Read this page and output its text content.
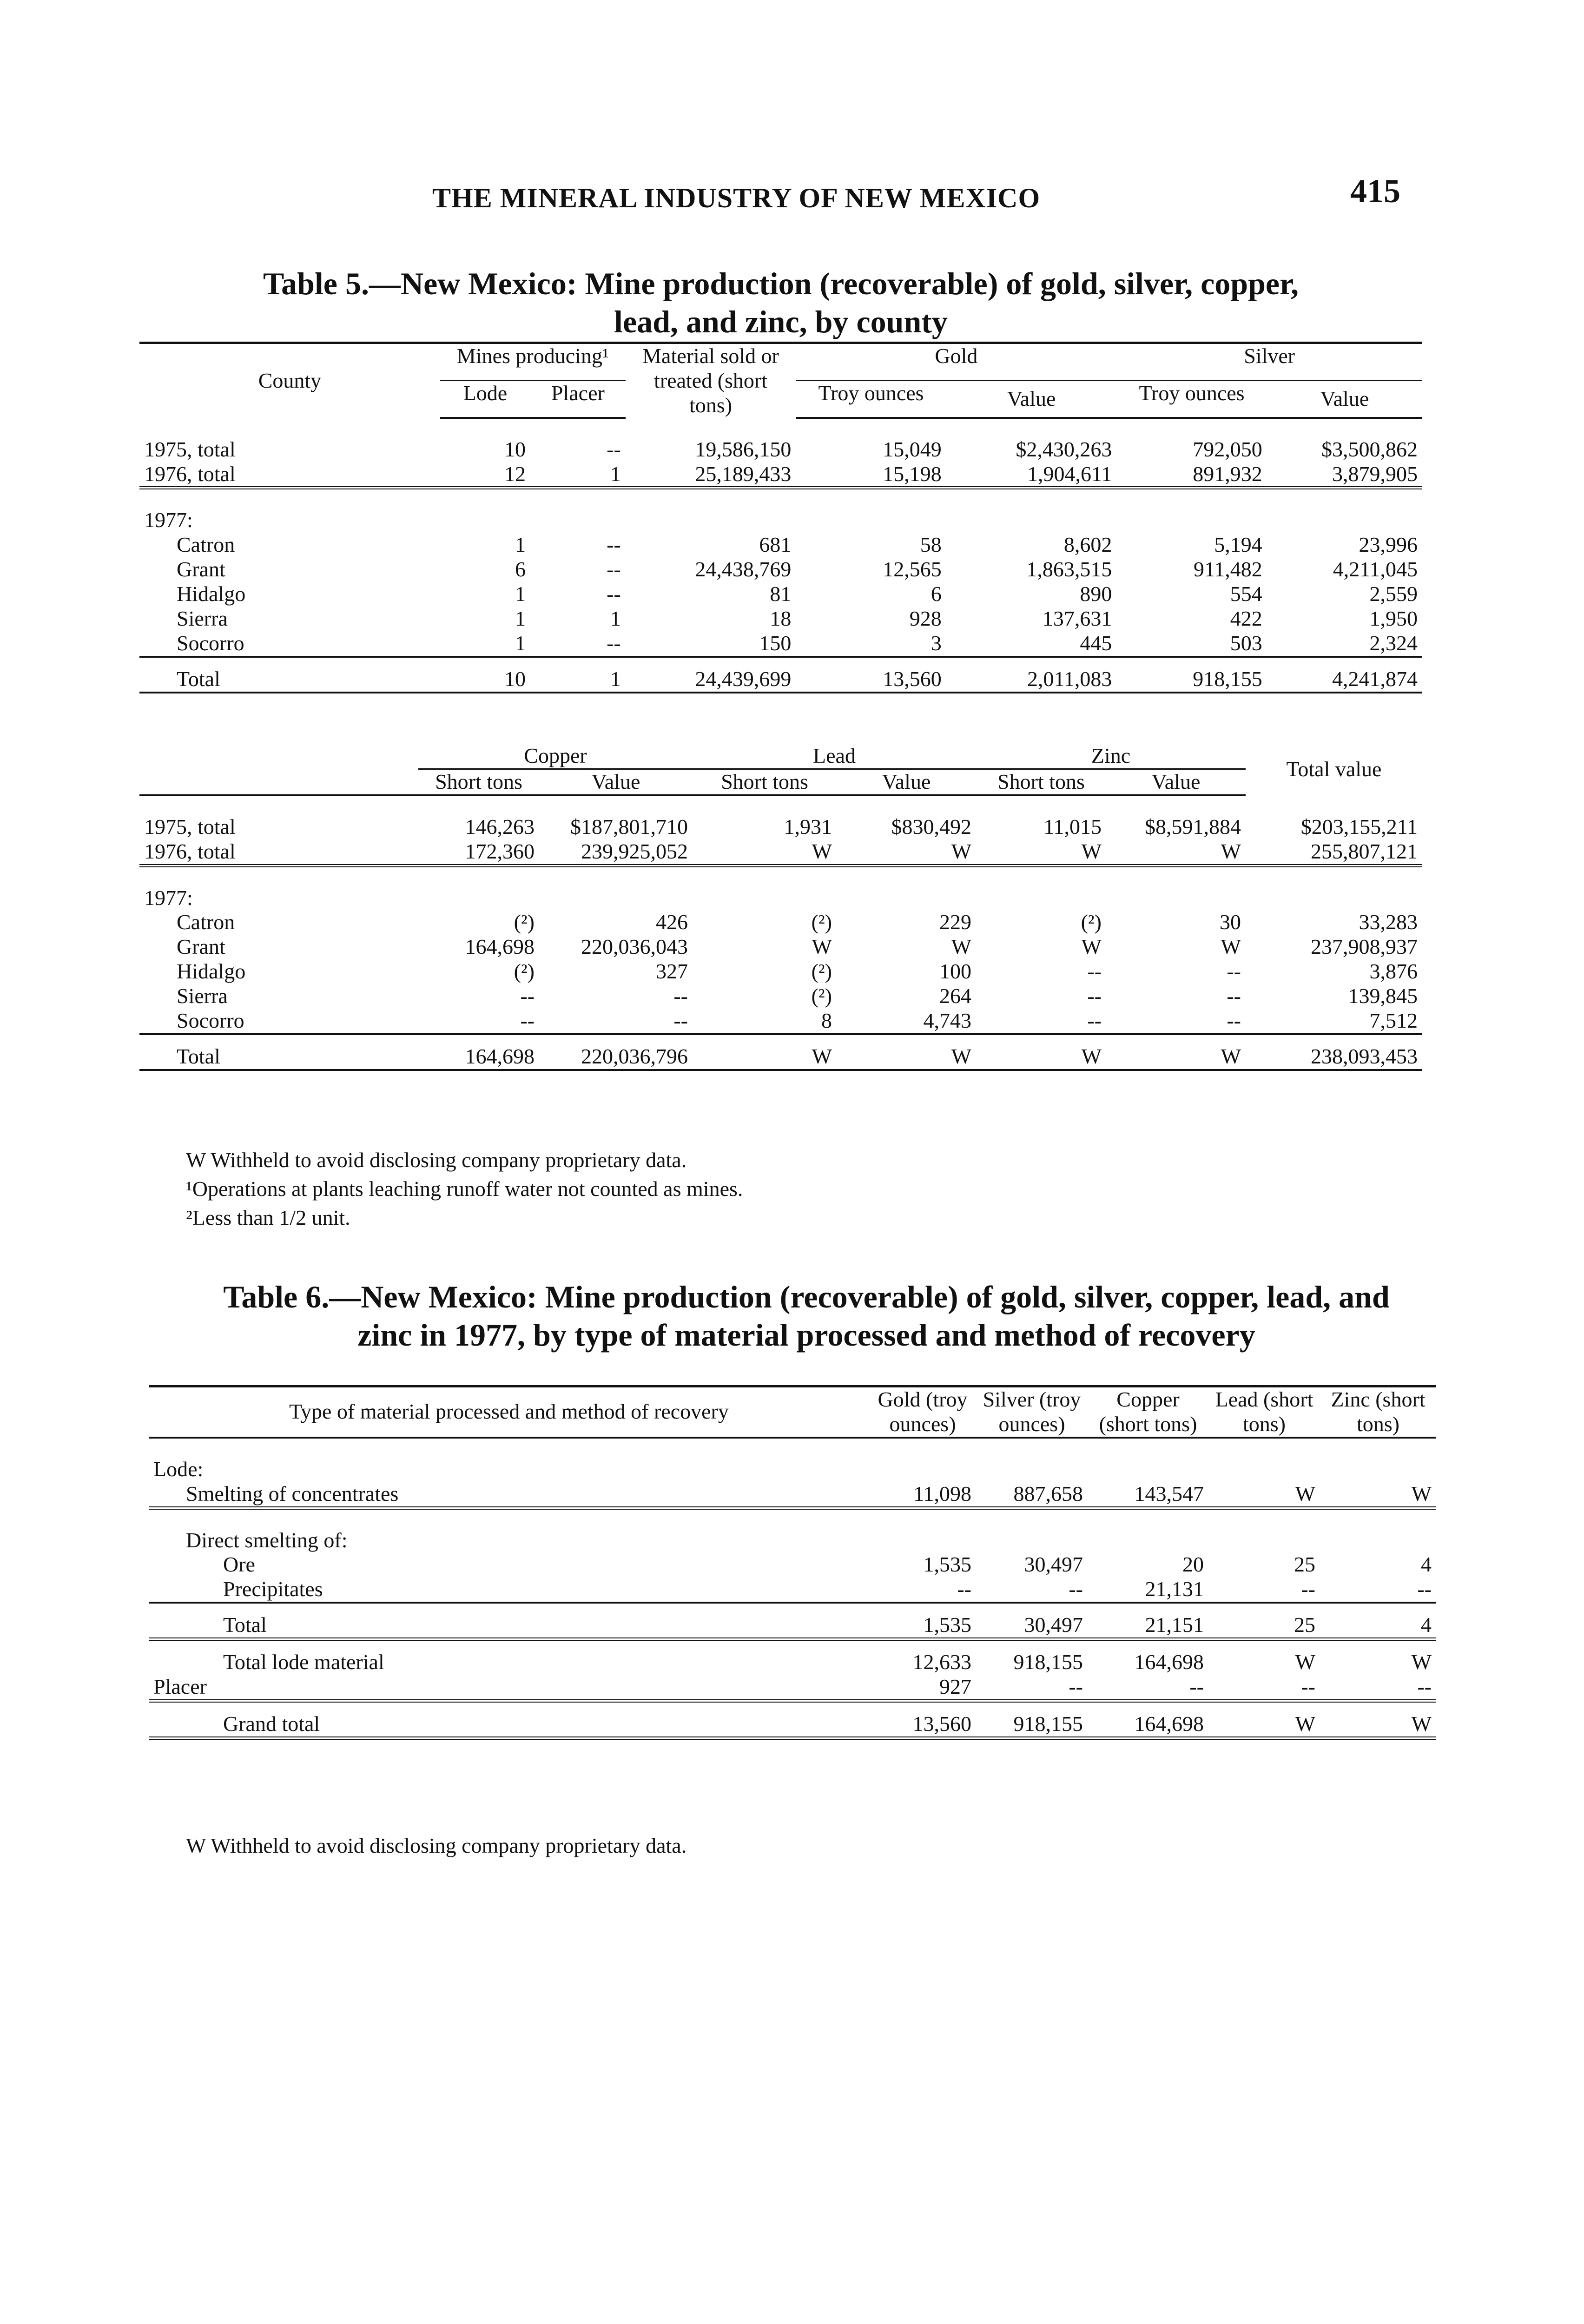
THE MINERAL INDUSTRY OF NEW MEXICO	415
Table 5.—New Mexico: Mine production (recoverable) of gold, silver, copper,
lead, and zinc, by county
County	Mines producing¹		Material sold or treated (short tons)	Gold		Silver	
	Lode	Placer		Troy ounces	Value	Troy ounces	Value

1975, total	10	--	19,586,150	15,049	$2,430,263	792,050	$3,500,862
1976, total	12	1	25,189,433	15,198	1,904,611	891,932	3,879,905

1977:							
Catron	1	--	681	58	8,602	5,194	23,996
Grant	6	--	24,438,769	12,565	1,863,515	911,482	4,211,045
Hidalgo	1	--	81	6	890	554	2,559
Sierra	1	1	18	928	137,631	422	1,950
Socorro	1	--	150	3	445	503	2,324

Total	10	1	24,439,699	13,560	2,011,083	918,155	4,241,874
	Copper		Lead		Zinc		Total value
	Short tons	Value	Short tons	Value	Short tons	Value	

1975, total	146,263	$187,801,710	1,931	$830,492	11,015	$8,591,884	$203,155,211
1976, total	172,360	239,925,052	W	W	W	W	255,807,121

1977:							
Catron	(²)	426	(²)	229	(²)	30	33,283
Grant	164,698	220,036,043	W	W	W	W	237,908,937
Hidalgo	(²)	327	(²)	100	--	--	3,876
Sierra	--	--	(²)	264	--	--	139,845
Socorro	--	--	8	4,743	--	--	7,512

Total	164,698	220,036,796	W	W	W	W	238,093,453
W Withheld to avoid disclosing company proprietary data.
¹Operations at plants leaching runoff water not counted as mines.
²Less than 1/2 unit.
Table 6.—New Mexico: Mine production (recoverable) of gold, silver, copper, lead, and
zinc in 1977, by type of material processed and method of recovery
Type of material processed and method of recovery	Gold (troy ounces)	Silver (troy ounces)	Copper (short tons)	Lead (short tons)	Zinc (short tons)

Lode:					
Smelting of concentrates	11,098	887,658	143,547	W	W

Direct smelting of:					
Ore	1,535	30,497	20	25	4
Precipitates	--	--	21,131	--	--

Total	1,535	30,497	21,151	25	4

Total lode material	12,633	918,155	164,698	W	W
Placer	927	--	--	--	--

Grand total	13,560	918,155	164,698	W	W
W Withheld to avoid disclosing company proprietary data.
